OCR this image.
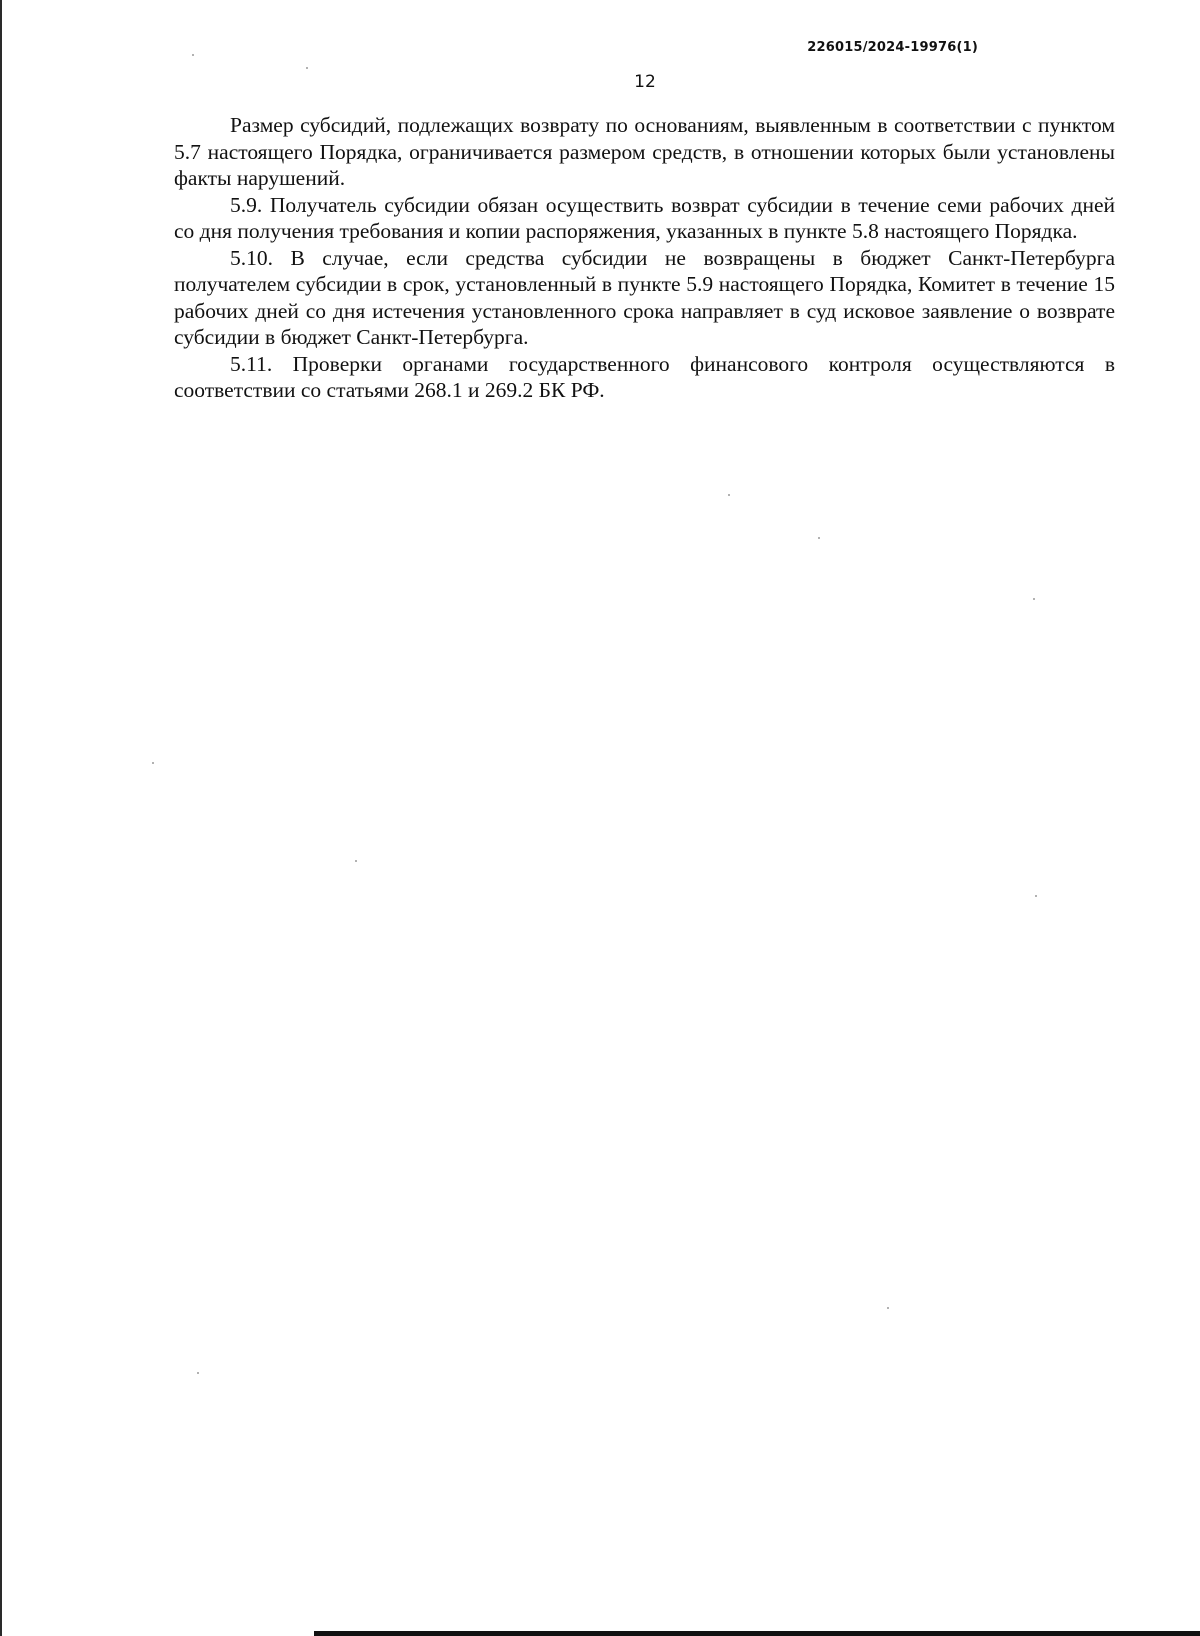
226015/2024-19976(1)
12

Размер субсидий, подлежащих возврату по основаниям, выявленным в соответствии с пунктом 5.7 настоящего Порядка, ограничивается размером средств, в отношении которых были установлены факты нарушений.

5.9. Получатель субсидии обязан осуществить возврат субсидии в течение семи рабочих дней со дня получения требования и копии распоряжения, указанных в пункте 5.8 настоящего Порядка.

5.10. В случае, если средства субсидии не возвращены в бюджет Санкт-Петербурга получателем субсидии в срок, установленный в пункте 5.9 настоящего Порядка, Комитет в течение 15 рабочих дней со дня истечения установленного срока направляет в суд исковое заявление о возврате субсидии в бюджет Санкт-Петербурга.

5.11. Проверки органами государственного финансового контроля осуществляются в соответствии со статьями 268.1 и 269.2 БК РФ.
